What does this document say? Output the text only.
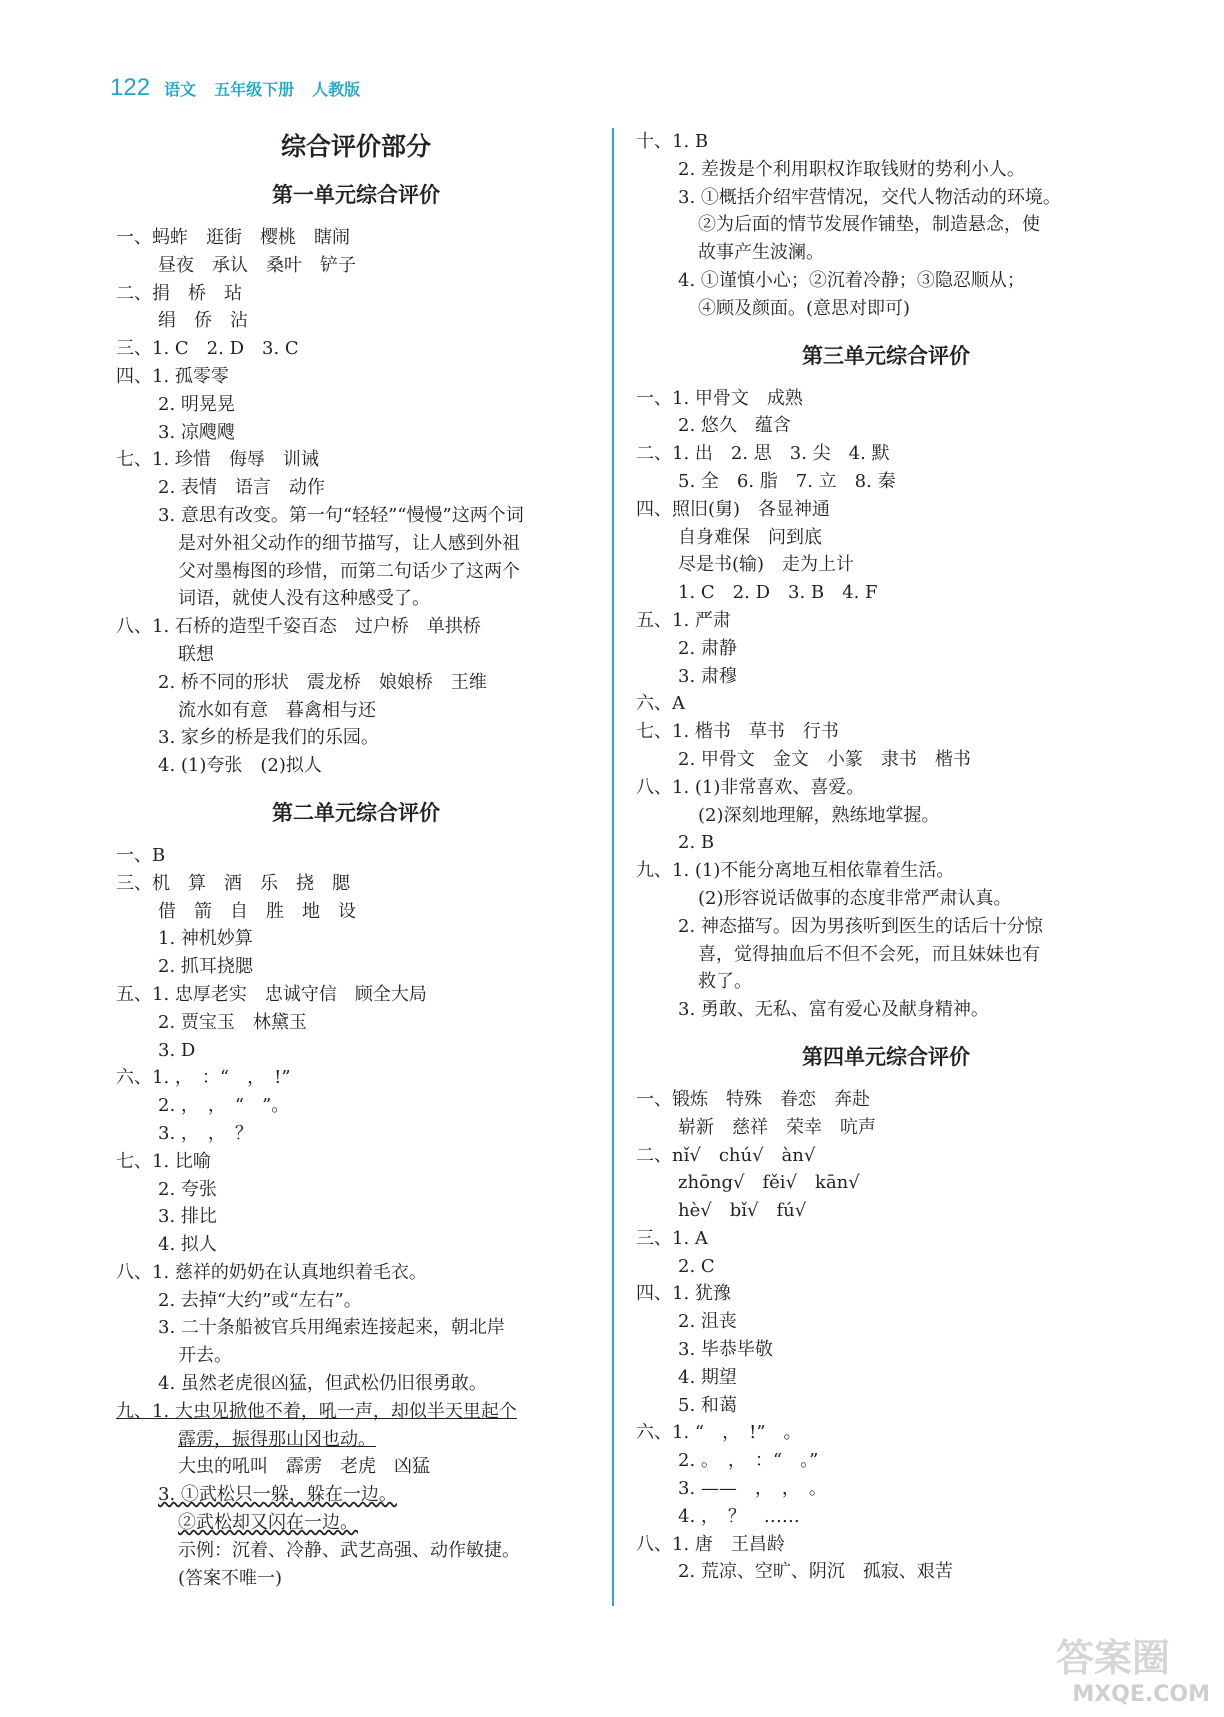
122 语文 五年级下册 人教版
综合评价部分
第一单元综合评价
一、蚂蚱　逛街　樱桃　瞎闹
昼夜　承认　桑叶　铲子
二、捐　桥　玷
绢　侨　沾
三、1. C　2. D　3. C
四、1. 孤零零
2. 明晃晃
3. 凉飕飕
七、1. 珍惜　侮辱　训诫
2. 表情　语言　动作
3. 意思有改变。第一句“轻轻”“慢慢”这两个词
是对外祖父动作的细节描写，让人感到外祖
父对墨梅图的珍惜，而第二句话少了这两个
词语，就使人没有这种感受了。
八、1. 石桥的造型千姿百态　过户桥　单拱桥
联想
2. 桥不同的形状　震龙桥　娘娘桥　王维
流水如有意　暮禽相与还
3. 家乡的桥是我们的乐园。
4. (1)夸张　(2)拟人
第二单元综合评价
一、B
三、机　算　酒　乐　挠　腮
借　箭　自　胜　地　设
1. 神机妙算
2. 抓耳挠腮
五、1. 忠厚老实　忠诚守信　顾全大局
2. 贾宝玉　林黛玉
3. D
六、1. ，　：“　，　!”
2. ，　，　“　”。
3. ，　，　？
七、1. 比喻
2. 夸张
3. 排比
4. 拟人
八、1. 慈祥的奶奶在认真地织着毛衣。
2. 去掉“大约”或“左右”。
3. 二十条船被官兵用绳索连接起来，朝北岸
开去。
4. 虽然老虎很凶猛，但武松仍旧很勇敢。
九、1. 大虫见掀他不着，吼一声，却似半天里起个
霹雳，振得那山冈也动。
大虫的吼叫　霹雳　老虎　凶猛
3. ①武松只一躲，躲在一边。
②武松却又闪在一边。
示例：沉着、冷静、武艺高强、动作敏捷。
(答案不唯一)
十、1. B
2. 差拨是个利用职权诈取钱财的势利小人。
3. ①概括介绍牢营情况，交代人物活动的环境。
②为后面的情节发展作铺垫，制造悬念，使
故事产生波澜。
4. ①谨慎小心；②沉着冷静；③隐忍顺从；
④顾及颜面。(意思对即可)
第三单元综合评价
一、1. 甲骨文　成熟
2. 悠久　蕴含
二、1. 出　2. 思　3. 尖　4. 默
5. 全　6. 脂　7. 立　8. 秦
四、照旧(舅)　各显神通
自身难保　问到底
尽是书(输)　走为上计
1. C　2. D　3. B　4. F
五、1. 严肃
2. 肃静
3. 肃穆
六、A
七、1. 楷书　草书　行书
2. 甲骨文　金文　小篆　隶书　楷书
八、1. (1)非常喜欢、喜爱。
(2)深刻地理解，熟练地掌握。
2. B
九、1. (1)不能分离地互相依靠着生活。
(2)形容说话做事的态度非常严肃认真。
2. 神态描写。因为男孩听到医生的话后十分惊
喜，觉得抽血后不但不会死，而且妹妹也有
救了。
3. 勇敢、无私、富有爱心及献身精神。
第四单元综合评价
一、锻炼　特殊　眷恋　奔赴
崭新　慈祥　荣幸　吭声
二、nǐ√　chú√　àn√
zhōng√　fěi√　kān√
hè√　bǐ√　fú√
三、1. A
2. C
四、1. 犹豫
2. 沮丧
3. 毕恭毕敬
4. 期望
5. 和蔼
六、1. “　，　!”　。
2. 。　，　：“　。”
3. ——　，　，　。
4. ，　？　……
八、1. 唐　王昌龄
2. 荒凉、空旷、阴沉　孤寂、艰苦
答案圈
MXQE.COM
